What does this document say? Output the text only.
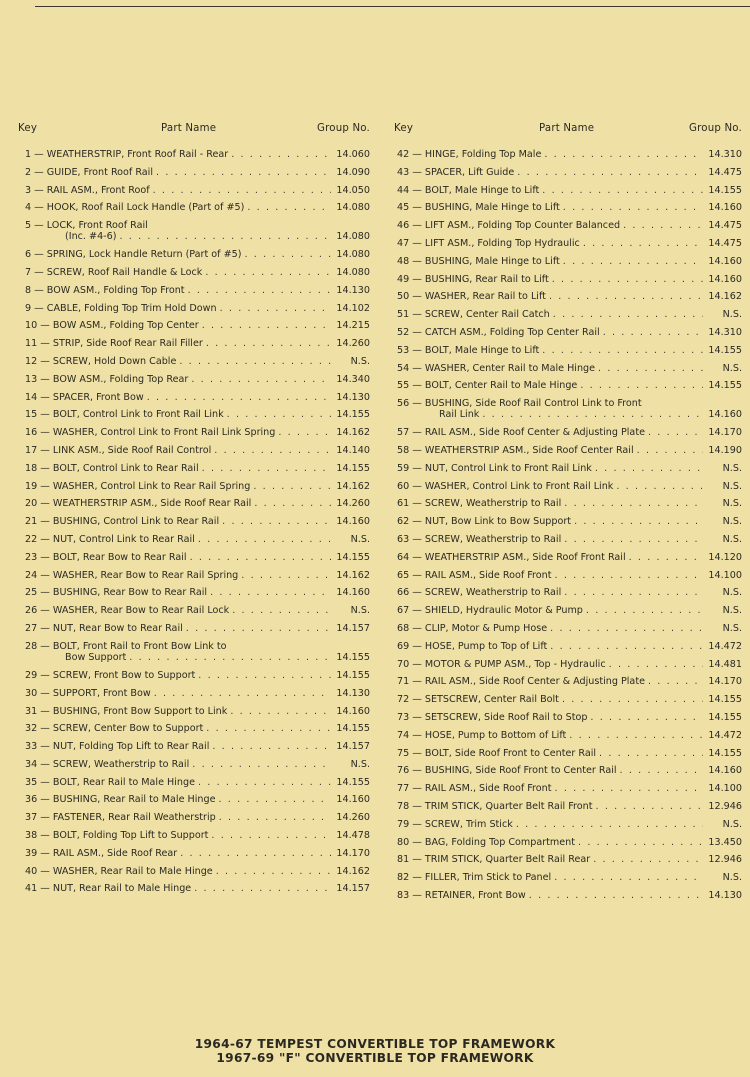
Key	Part Name	Group No.
1 — WEATHERSTRIP, Front Roof Rail - Rear . . .	14.060
2 — GUIDE, Front Roof Rail . . .	14.090
3 — RAIL ASM., Front Roof . . .	14.050
4 — HOOK, Roof Rail Lock Handle (Part of #5) . . .	14.080
5 — LOCK, Front Roof Rail
(Inc. #4-6) . . .	14.080
6 — SPRING, Lock Handle Return (Part of #5) . . .	14.080
7 — SCREW, Roof Rail Handle & Lock . . .	14.080
8 — BOW ASM., Folding Top Front . . .	14.130
9 — CABLE, Folding Top Trim Hold Down . . .	14.102
10 — BOW ASM., Folding Top Center . . .	14.215
11 — STRIP, Side Roof Rear Rail Filler . . .	14.260
12 — SCREW, Hold Down Cable . . .	N.S.
13 — BOW ASM., Folding Top Rear . . .	14.340
14 — SPACER, Front Bow . . .	14.130
15 — BOLT, Control Link to Front Rail Link . . .	14.155
16 — WASHER, Control Link to Front Rail Link Spring . . .	14.162
17 — LINK ASM., Side Roof Rail Control . . .	14.140
18 — BOLT, Control Link to Rear Rail . . .	14.155
19 — WASHER, Control Link to Rear Rail Spring . . .	14.162
20 — WEATHERSTRIP ASM., Side Roof Rear Rail . . .	14.260
21 — BUSHING, Control Link to Rear Rail . . .	14.160
22 — NUT, Control Link to Rear Rail . . .	N.S.
23 — BOLT, Rear Bow to Rear Rail . . .	14.155
24 — WASHER, Rear Bow to Rear Rail Spring . . .	14.162
25 — BUSHING, Rear Bow to Rear Rail . . .	14.160
26 — WASHER, Rear Bow to Rear Rail Lock . . .	N.S.
27 — NUT, Rear Bow to Rear Rail . . .	14.157
28 — BOLT, Front Rail to Front Bow Link to
Bow Support . . .	14.155
29 — SCREW, Front Bow to Support . . .	14.155
30 — SUPPORT, Front Bow . . .	14.130
31 — BUSHING, Front Bow Support to Link . . .	14.160
32 — SCREW, Center Bow to Support . . .	14.155
33 — NUT, Folding Top Lift to Rear Rail . . .	14.157
34 — SCREW, Weatherstrip to Rail . . .	N.S.
35 — BOLT, Rear Rail to Male Hinge . . .	14.155
36 — BUSHING, Rear Rail to Male Hinge . . .	14.160
37 — FASTENER, Rear Rail Weatherstrip . . .	14.260
38 — BOLT, Folding Top Lift to Support . . .	14.478
39 — RAIL ASM., Side Roof Rear . . .	14.170
40 — WASHER, Rear Rail to Male Hinge . . .	14.162
41 — NUT, Rear Rail to Male Hinge . . .	14.157
Key	Part Name	Group No.
42 — HINGE, Folding Top Male . . .	14.310
43 — SPACER, Lift Guide . . .	14.475
44 — BOLT, Male Hinge to Lift . . .	14.155
45 — BUSHING, Male Hinge to Lift . . .	14.160
46 — LIFT ASM., Folding Top Counter Balanced . . .	14.475
47 — LIFT ASM., Folding Top Hydraulic . . .	14.475
48 — BUSHING, Male Hinge to Lift . . .	14.160
49 — BUSHING, Rear Rail to Lift . . .	14.160
50 — WASHER, Rear Rail to Lift . . .	14.162
51 — SCREW, Center Rail Catch . . .	N.S.
52 — CATCH ASM., Folding Top Center Rail . . .	14.310
53 — BOLT, Male Hinge to Lift . . .	14.155
54 — WASHER, Center Rail to Male Hinge . . .	N.S.
55 — BOLT, Center Rail to Male Hinge . . .	14.155
56 — BUSHING, Side Roof Rail Control Link to Front
Rail Link . . .	14.160
57 — RAIL ASM., Side Roof Center & Adjusting Plate . . .	14.170
58 — WEATHERSTRIP ASM., Side Roof Center Rail . . .	14.190
59 — NUT, Control Link to Front Rail Link . . .	N.S.
60 — WASHER, Control Link to Front Rail Link . . .	N.S.
61 — SCREW, Weatherstrip to Rail . . .	N.S.
62 — NUT, Bow Link to Bow Support . . .	N.S.
63 — SCREW, Weatherstrip to Rail . . .	N.S.
64 — WEATHERSTRIP ASM., Side Roof Front Rail . . .	14.120
65 — RAIL ASM., Side Roof Front . . .	14.100
66 — SCREW, Weatherstrip to Rail . . .	N.S.
67 — SHIELD, Hydraulic Motor & Pump . . .	N.S.
68 — CLIP, Motor & Pump Hose . . .	N.S.
69 — HOSE, Pump to Top of Lift . . .	14.472
70 — MOTOR & PUMP ASM., Top - Hydraulic . . .	14.481
71 — RAIL ASM., Side Roof Center & Adjusting Plate . . .	14.170
72 — SETSCREW, Center Rail Bolt . . .	14.155
73 — SETSCREW, Side Roof Rail to Stop . . .	14.155
74 — HOSE, Pump to Bottom of Lift . . .	14.472
75 — BOLT, Side Roof Front to Center Rail . . .	14.155
76 — BUSHING, Side Roof Front to Center Rail . . .	14.160
77 — RAIL ASM., Side Roof Front . . .	14.100
78 — TRIM STICK, Quarter Belt Rail Front . . .	12.946
79 — SCREW, Trim Stick . . .	N.S.
80 — BAG, Folding Top Compartment . . .	13.450
81 — TRIM STICK, Quarter Belt Rail Rear . . .	12.946
82 — FILLER, Trim Stick to Panel . . .	N.S.
83 — RETAINER, Front Bow . . .	14.130
1964-67 TEMPEST CONVERTIBLE TOP FRAMEWORK
1967-69 "F" CONVERTIBLE TOP FRAMEWORK
